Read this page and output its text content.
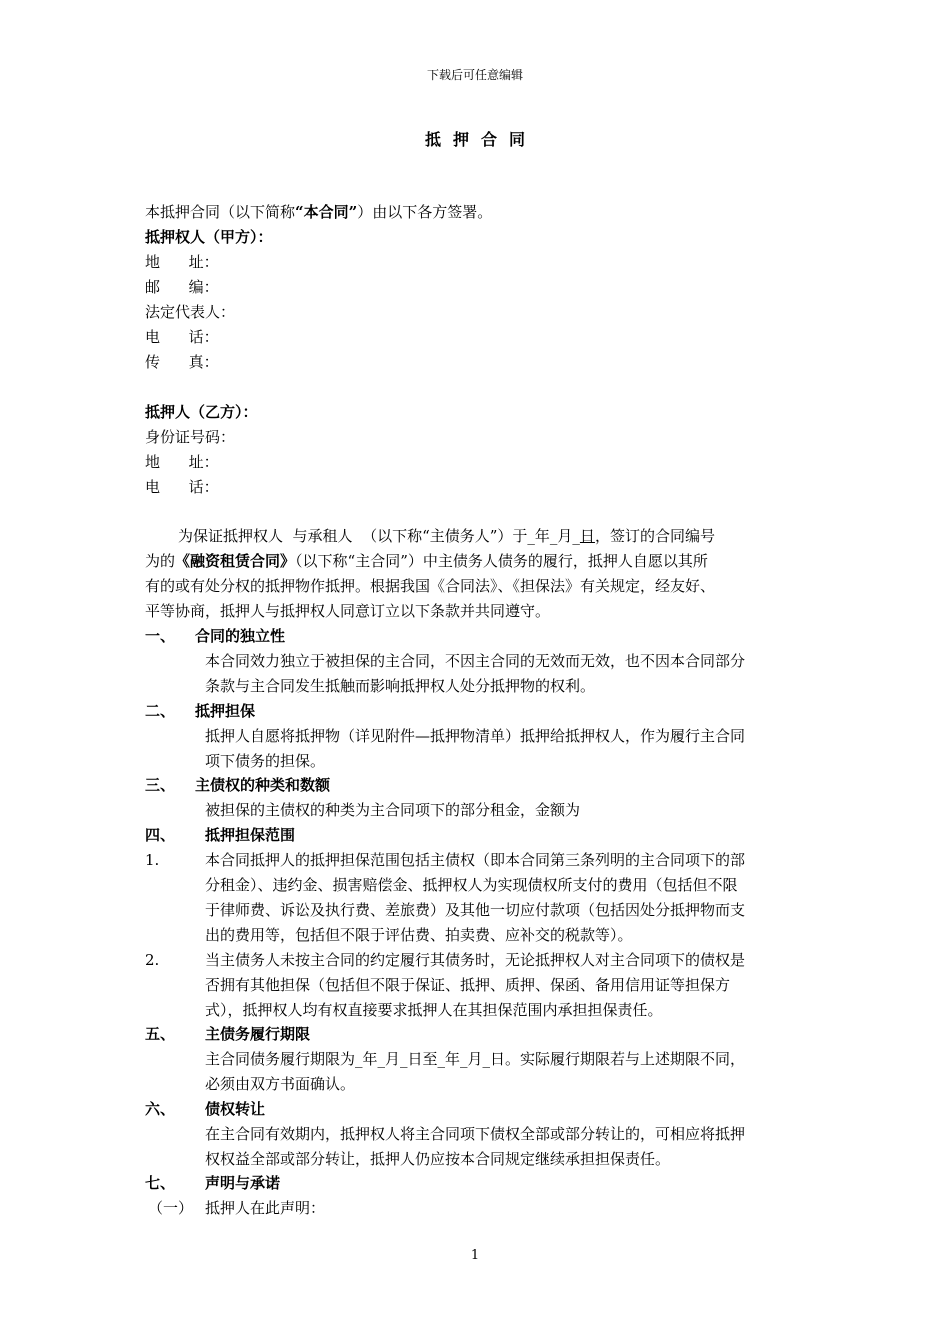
下载后可任意编辑
抵押合同
本抵押合同（以下简称“本合同”）由以下各方签署。
抵押权人（甲方）：
地      址：
邮      编：
法定代表人：
电      话：
传      真：
抵押人（乙方）：
身份证号码：
地      址：
电      话：
为保证抵押权人  与承租人  （以下称“主债务人”）于_年_月_日，签订的合同编号
为的《融资租赁合同》（以下称“主合同”）中主债务人债务的履行，抵押人自愿以其所
有的或有处分权的抵押物作抵押。根据我国《合同法》、《担保法》有关规定，经友好、
平等协商，抵押人与抵押权人同意订立以下条款并共同遵守。
一、 合同的独立性
本合同效力独立于被担保的主合同，不因主合同的无效而无效，也不因本合同部分
条款与主合同发生抵触而影响抵押权人处分抵押物的权利。
二、 抵押担保
抵押人自愿将抵押物（详见附件—抵押物清单）抵押给抵押权人，作为履行主合同
项下债务的担保。
三、 主债权的种类和数额
被担保的主债权的种类为主合同项下的部分租金，金额为
四、 抵押担保范围
1.	本合同抵押人的抵押担保范围包括主债权（即本合同第三条列明的主合同项下的部
分租金）、违约金、损害赔偿金、抵押权人为实现债权所支付的费用（包括但不限
于律师费、诉讼及执行费、差旅费）及其他一切应付款项（包括因处分抵押物而支
出的费用等，包括但不限于评估费、拍卖费、应补交的税款等）。
2.	当主债务人未按主合同的约定履行其债务时，无论抵押权人对主合同项下的债权是
否拥有其他担保（包括但不限于保证、抵押、质押、保函、备用信用证等担保方
式），抵押权人均有权直接要求抵押人在其担保范围内承担担保责任。
五、 主债务履行期限
主合同债务履行期限为_年_月_日至_年_月_日。实际履行期限若与上述期限不同，
必须由双方书面确认。
六、 债权转让
在主合同有效期内，抵押权人将主合同项下债权全部或部分转让的，可相应将抵押
权权益全部或部分转让，抵押人仍应按本合同规定继续承担担保责任。
七、 声明与承诺
（一） 抵押人在此声明：
1
